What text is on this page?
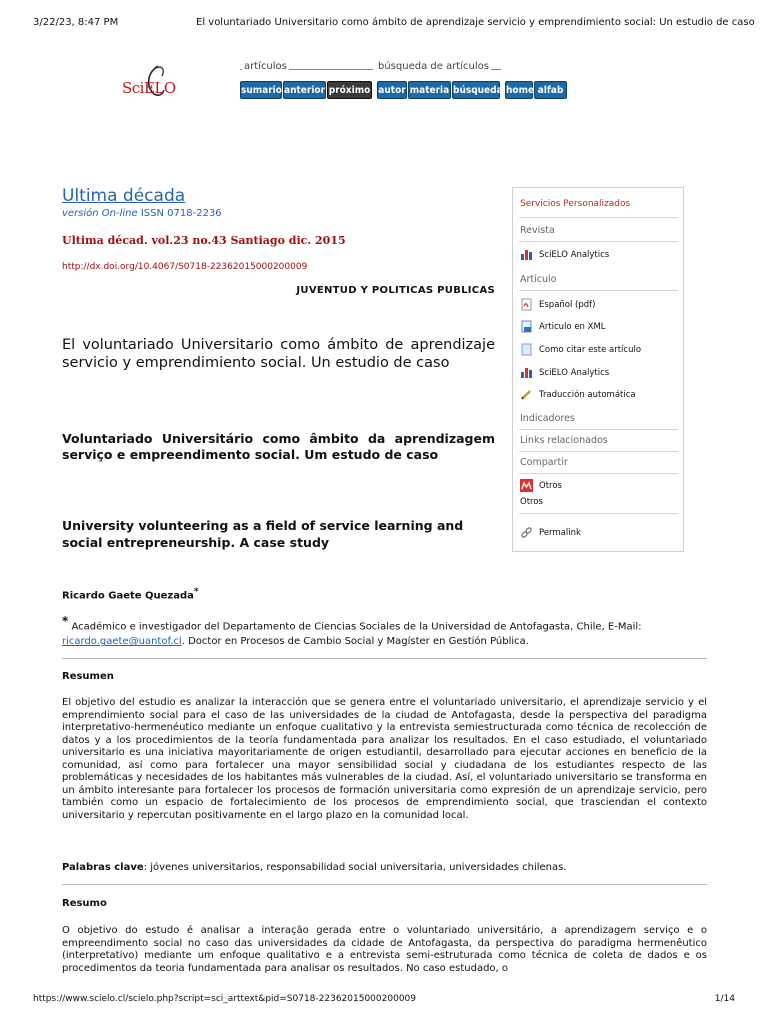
3/22/23, 8:47 PM	El voluntariado Universitario como ámbito de aprendizaje servicio y emprendimiento social: Un estudio de caso
SciELO
artículos	búsqueda de artículos
sumario anterior próximo autor materia búsqueda home alfab
Ultima década
versión On-line ISSN 0718-2236
Ultima décad. vol.23 no.43 Santiago dic. 2015
http://dx.doi.org/10.4067/S0718-22362015000200009
JUVENTUD Y POLITICAS PUBLICAS
El voluntariado Universitario como ámbito de aprendizaje servicio y emprendimiento social. Un estudio de caso
Voluntariado Universitário como âmbito da aprendizagem serviço e empreendimento social. Um estudo de caso
University volunteering as a field of service learning and social entrepreneurship. A case study
Ricardo Gaete Quezada*
* Académico e investigador del Departamento de Ciencias Sociales de la Universidad de Antofagasta, Chile, E-Mail: ricardo.gaete@uantof.cl. Doctor en Procesos de Cambio Social y Magíster en Gestión Pública.
Resumen
El objetivo del estudio es analizar la interacción que se genera entre el voluntariado universitario, el aprendizaje servicio y el emprendimiento social para el caso de las universidades de la ciudad de Antofagasta, desde la perspectiva del paradigma interpretativo-hermenéutico mediante un enfoque cualitativo y la entrevista semiestructurada como técnica de recolección de datos y a los procedimientos de la teoría fundamentada para analizar los resultados. En el caso estudiado, el voluntariado universitario es una iniciativa mayoritariamente de origen estudiantil, desarrollado para ejecutar acciones en beneficio de la comunidad, así como para fortalecer una mayor sensibilidad social y ciudadana de los estudiantes respecto de las problemáticas y necesidades de los habitantes más vulnerables de la ciudad. Así, el voluntariado universitario se transforma en un ámbito interesante para fortalecer los procesos de formación universitaria como expresión de un aprendizaje servicio, pero también como un espacio de fortalecimiento de los procesos de emprendimiento social, que trasciendan el contexto universitario y repercutan positivamente en el largo plazo en la comunidad local.
Palabras clave: jóvenes universitarios, responsabilidad social universitaria, universidades chilenas.
Resumo
O objetivo do estudo é analisar a interação gerada entre o voluntariado universitário, a aprendizagem serviço e o empreendimento social no caso das universidades da cidade de Antofagasta, da perspectiva do paradigma hermenêutico (interpretativo) mediante um enfoque qualitativo e a entrevista semi-estruturada como técnica de coleta de dados e os procedimentos da teoria fundamentada para analisar os resultados. No caso estudado, o
Servicios Personalizados
Revista
SciELO Analytics
Articulo
Español (pdf)
Articulo en XML
Como citar este artículo
SciELO Analytics
Traducción automática
Indicadores
Links relacionados
Compartir
Otros
Otros
Permalink
https://www.scielo.cl/scielo.php?script=sci_arttext&pid=S0718-22362015000200009	1/14
